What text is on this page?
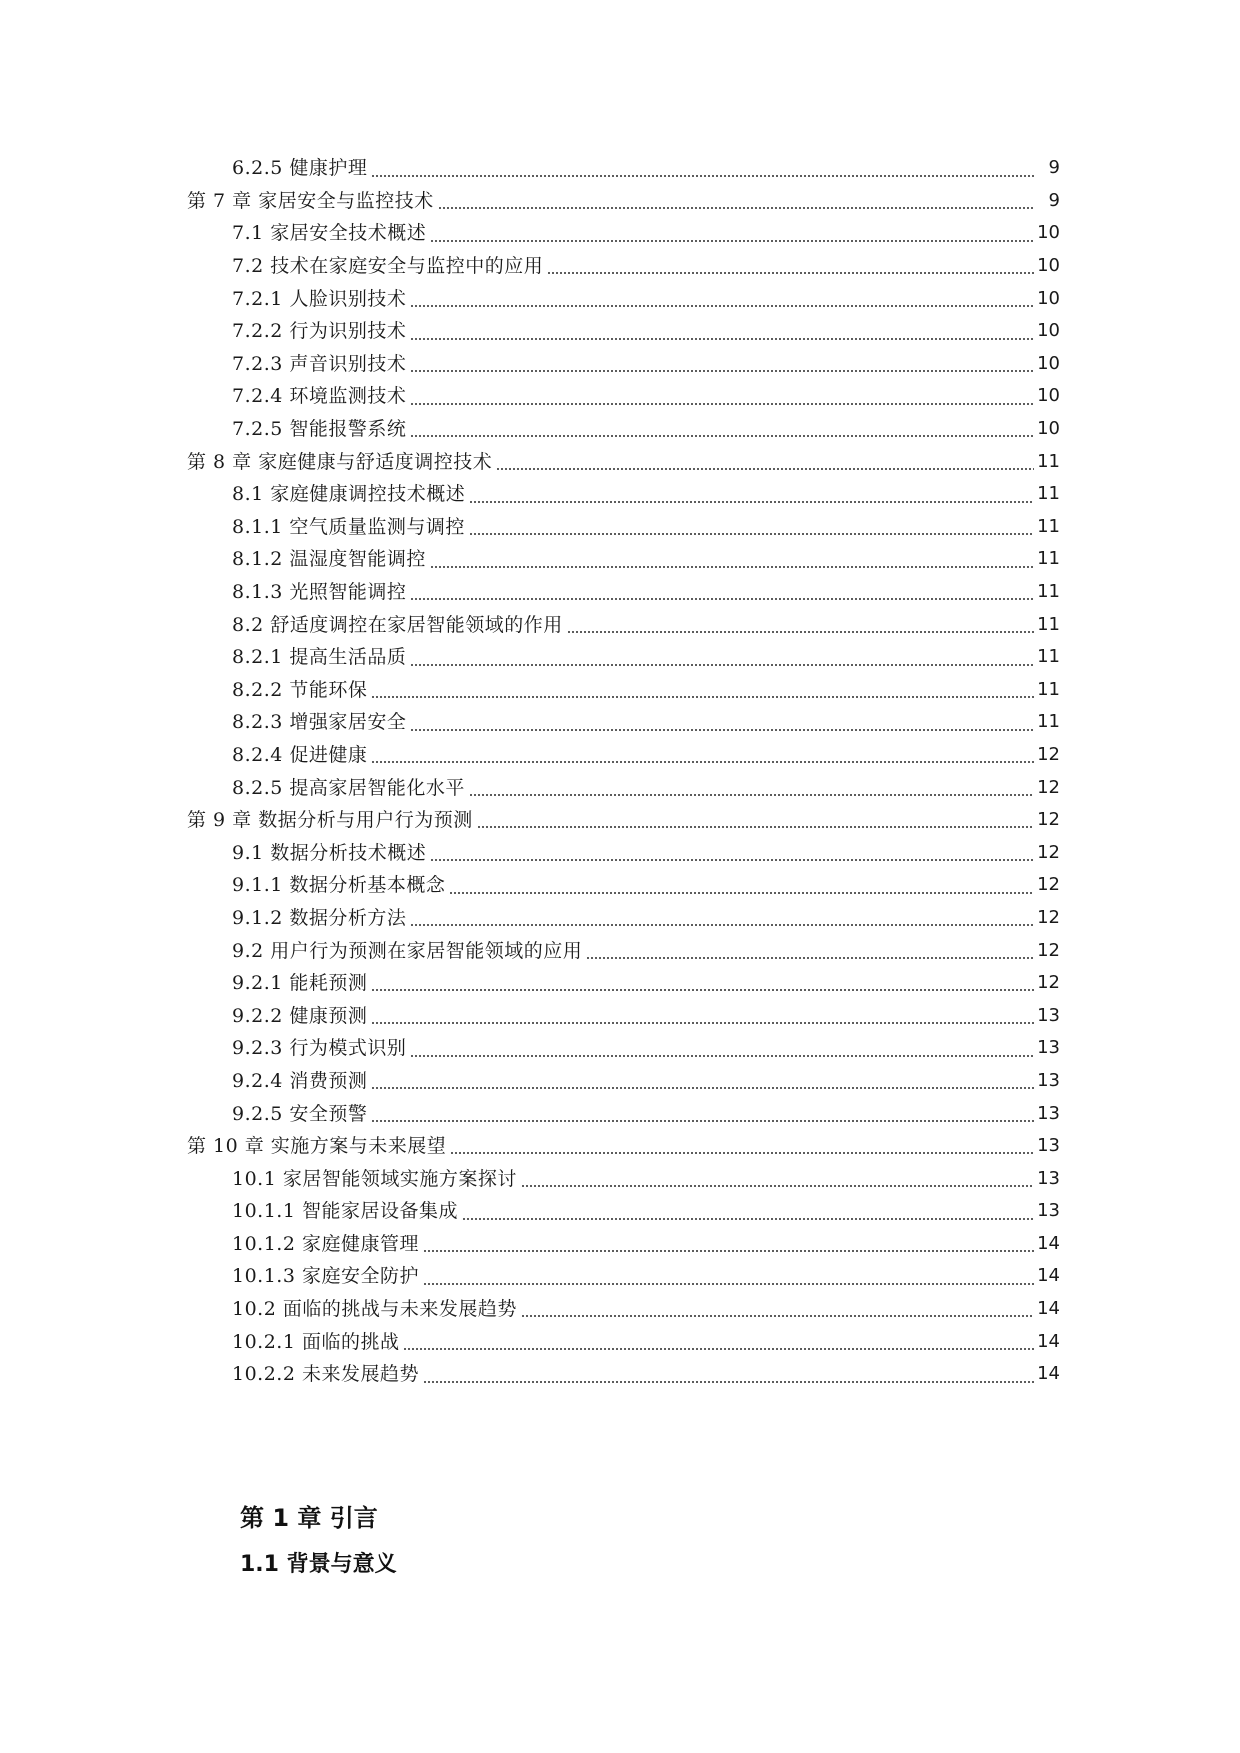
6.2.5 健康护理	9
第 7 章 家居安全与监控技术	9
7.1 家居安全技术概述	10
7.2 技术在家庭安全与监控中的应用	10
7.2.1 人脸识别技术	10
7.2.2 行为识别技术	10
7.2.3 声音识别技术	10
7.2.4 环境监测技术	10
7.2.5 智能报警系统	10
第 8 章 家庭健康与舒适度调控技术	11
8.1 家庭健康调控技术概述	11
8.1.1 空气质量监测与调控	11
8.1.2 温湿度智能调控	11
8.1.3 光照智能调控	11
8.2 舒适度调控在家居智能领域的作用	11
8.2.1 提高生活品质	11
8.2.2 节能环保	11
8.2.3 增强家居安全	11
8.2.4 促进健康	12
8.2.5 提高家居智能化水平	12
第 9 章 数据分析与用户行为预测	12
9.1 数据分析技术概述	12
9.1.1 数据分析基本概念	12
9.1.2 数据分析方法	12
9.2 用户行为预测在家居智能领域的应用	12
9.2.1 能耗预测	12
9.2.2 健康预测	13
9.2.3 行为模式识别	13
9.2.4 消费预测	13
9.2.5 安全预警	13
第 10 章 实施方案与未来展望	13
10.1 家居智能领域实施方案探讨	13
10.1.1 智能家居设备集成	13
10.1.2 家庭健康管理	14
10.1.3 家庭安全防护	14
10.2 面临的挑战与未来发展趋势	14
10.2.1 面临的挑战	14
10.2.2 未来发展趋势	14
第 1 章 引言
1.1 背景与意义
